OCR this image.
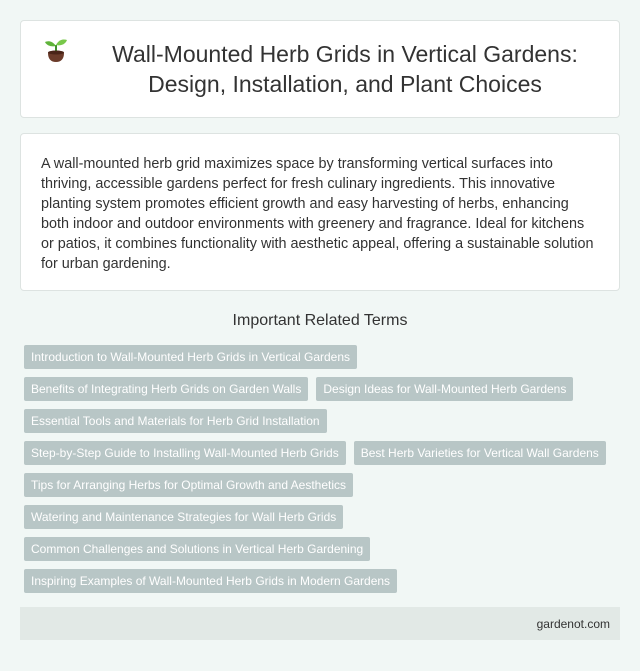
Wall-Mounted Herb Grids in Vertical Gardens: Design, Installation, and Plant Choices

A wall-mounted herb grid maximizes space by transforming vertical surfaces into thriving, accessible gardens perfect for fresh culinary ingredients. This innovative planting system promotes efficient growth and easy harvesting of herbs, enhancing both indoor and outdoor environments with greenery and fragrance. Ideal for kitchens or patios, it combines functionality with aesthetic appeal, offering a sustainable solution for urban gardening.

Important Related Terms
Introduction to Wall-Mounted Herb Grids in Vertical Gardens
Benefits of Integrating Herb Grids on Garden Walls	Design Ideas for Wall-Mounted Herb Gardens
Essential Tools and Materials for Herb Grid Installation
Step-by-Step Guide to Installing Wall-Mounted Herb Grids	Best Herb Varieties for Vertical Wall Gardens
Tips for Arranging Herbs for Optimal Growth and Aesthetics
Watering and Maintenance Strategies for Wall Herb Grids
Common Challenges and Solutions in Vertical Herb Gardening
Inspiring Examples of Wall-Mounted Herb Grids in Modern Gardens
gardenot.com
